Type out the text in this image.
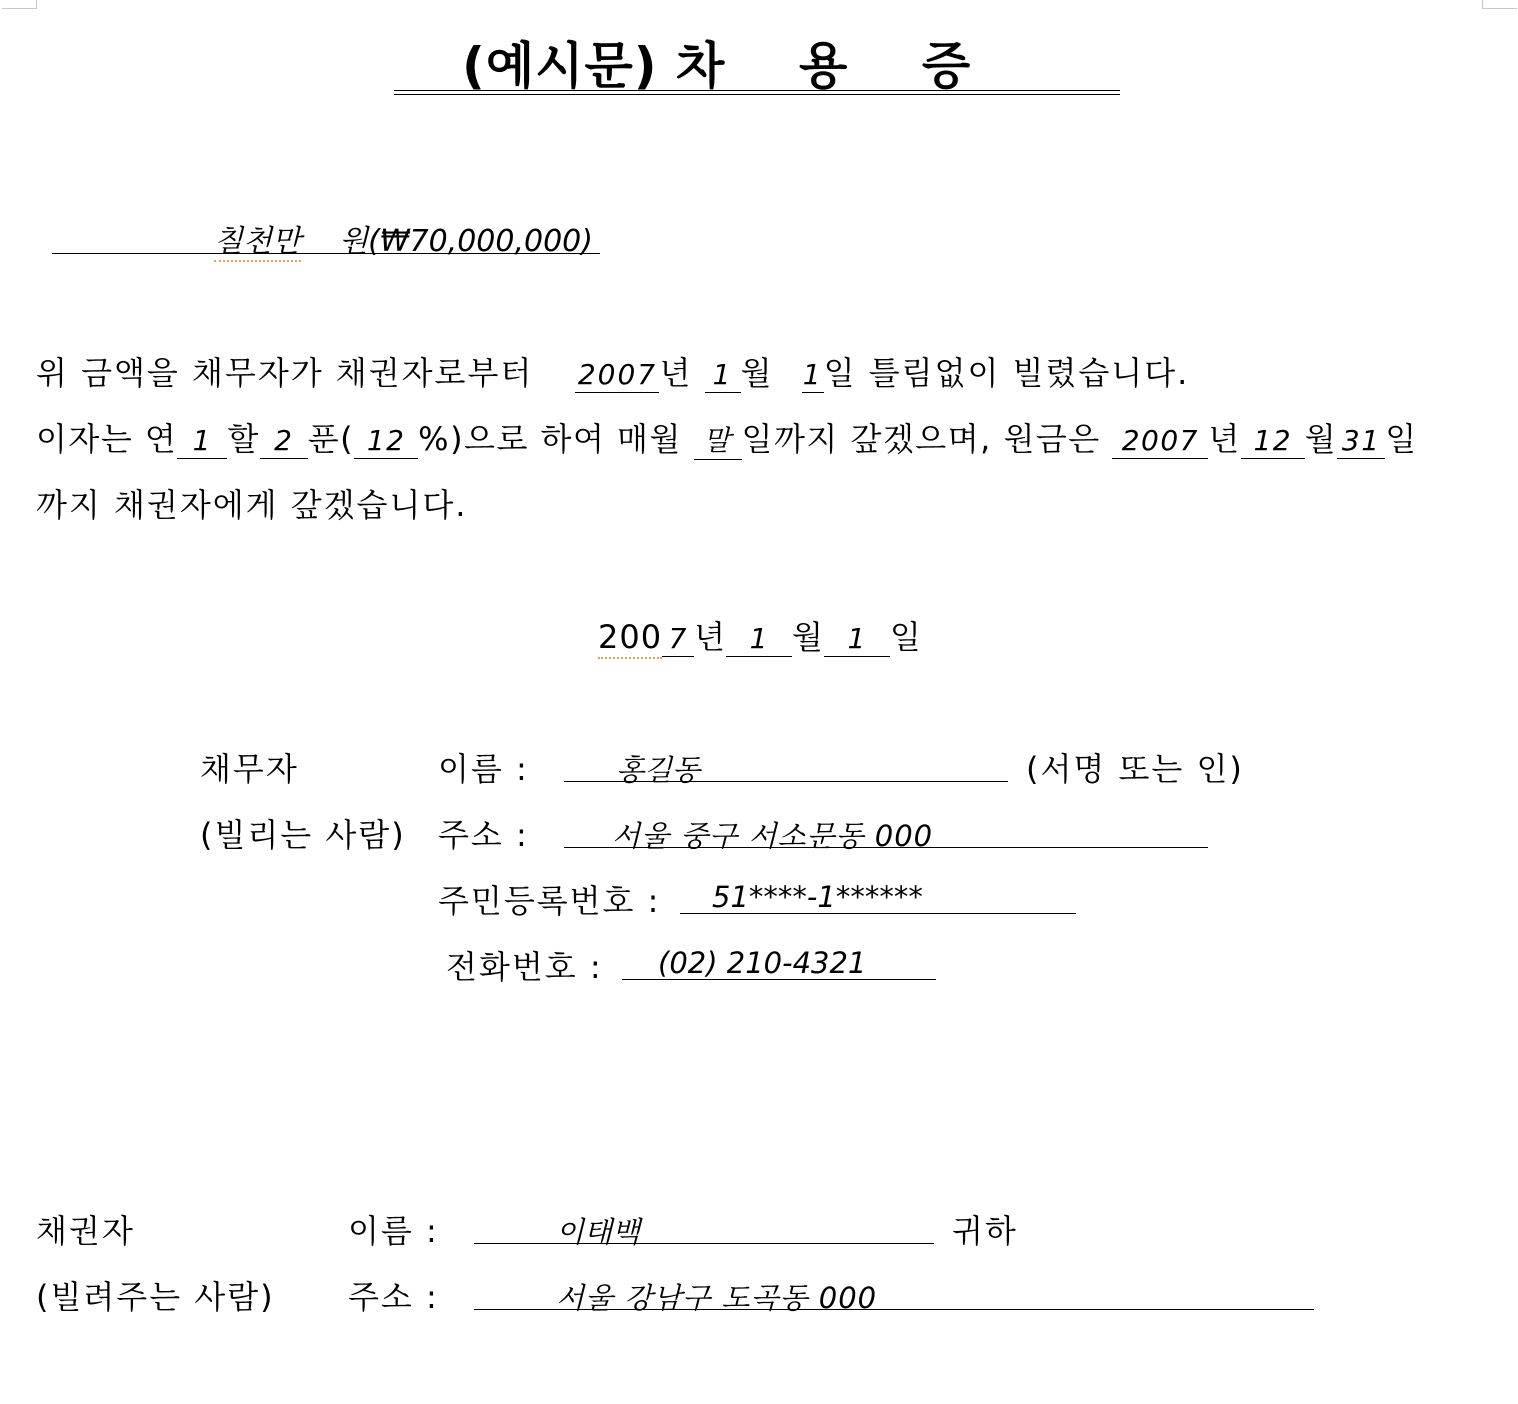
(예시문) 차    용    증
칠천만 원(₩70,000,000)
위 금액을 채무자가 채권자로부터 2007년 1 월 1일 틀림없이 빌렸습니다.
이자는 연 1 할 2 푼( 12 %)으로 하여 매월 말 일까지 갚겠으며, 원금은 2007 년 12 월 31 일
까지 채권자에게 갚겠습니다.
200 7 년 1 월 1 일
채무자
(빌리는 사람)
이름 :	홍길동	(서명 또는 인)
주소 :	서울 중구 서소문동 000
주민등록번호 : 51****-1******
전화번호 : (02) 210-4321
채권자
(빌려주는 사람)
이름 :	이태백	귀하
주소 :	서울 강남구 도곡동 000
